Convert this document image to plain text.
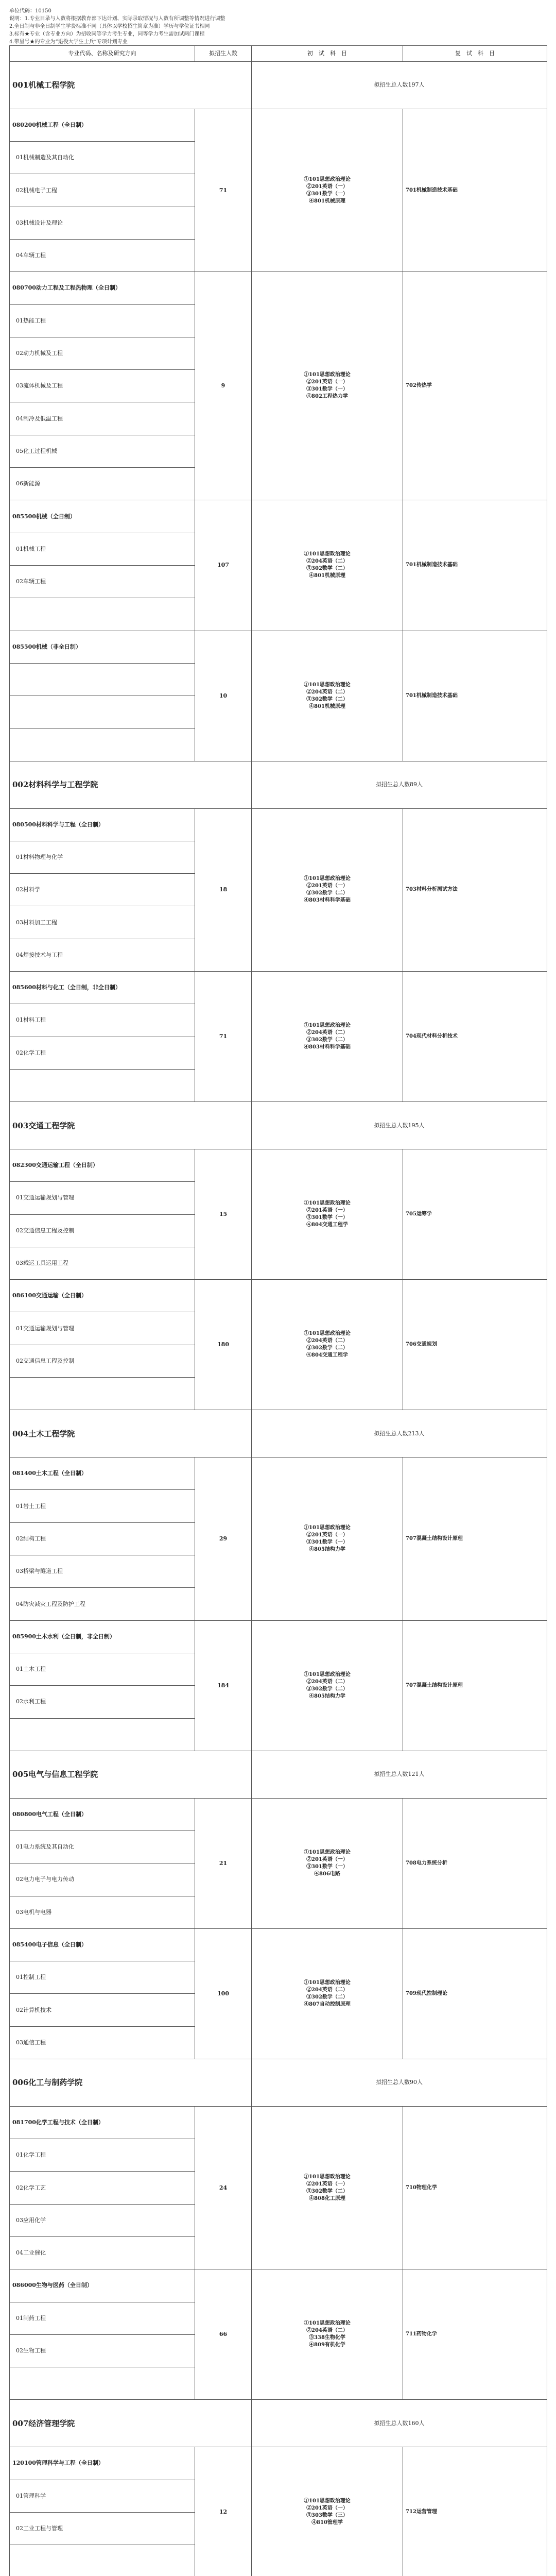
单位代码：10150
说明：1.专业目录与人数将根据教育部下达计划、实际录取情况与人数有所调整等情况进行调整
2.全日制与非全日制学生学费标准不同（具体以学校招生简章为准）学历与学位证书相同
3.标有★专业（含专业方向）为招收同等学力考生专业，同等学力考生需加试两门课程
4.带星号★的专业为“退役大学生士兵”专项计划专业
专业代码、名称及研究方向	拟招生人数	初　试　科　目	复　试　科　目
001机械工程学院		拟招生总人数197人	
080200机械工程（全日制）	71	①101思想政治理论
②201英语（一）
③301数学（一）
④801机械原理	701机械制造技术基础
01机械制造及其自动化			
02机械电子工程			
03机械设计及理论			
04车辆工程			
080700动力工程及工程热物理（全日制）	9	①101思想政治理论
②201英语（一）
③301数学（一）
④802工程热力学	702传热学
01热能工程			
02动力机械及工程			
03流体机械及工程			
04制冷及低温工程			
05化工过程机械			
06新能源			
085500机械（全日制）	107	①101思想政治理论
②204英语（二）
③302数学（二）
④801机械原理	701机械制造技术基础
01机械工程			
02车辆工程			

085500机械（非全日制）	10	①101思想政治理论
②204英语（二）
③302数学（二）
④801机械原理	701机械制造技术基础

002材料科学与工程学院		拟招生总人数89人	
080500材料科学与工程（全日制）	18	①101思想政治理论
②201英语（一）
③302数学（二）
④803材料科学基础	703材料分析测试方法
01材料物理与化学			
02材料学			
03材料加工工程			
04焊接技术与工程			
085600材料与化工（全日制，非全日制）	71	①101思想政治理论
②204英语（二）
③302数学（二）
④803材料科学基础	704现代材料分析技术
01材料工程			
02化学工程			

003交通工程学院		拟招生总人数195人	
082300交通运输工程（全日制）	15	①101思想政治理论
②201英语（一）
③301数学（一）
④804交通工程学	705运筹学
01交通运输规划与管理			
02交通信息工程及控制			
03载运工具运用工程			
086100交通运输（全日制）	180	①101思想政治理论
②204英语（二）
③302数学（二）
④804交通工程学	706交通规划
01交通运输规划与管理			
02交通信息工程及控制			

004土木工程学院		拟招生总人数213人	
081400土木工程（全日制）	29	①101思想政治理论
②201英语（一）
③301数学（一）
④805结构力学	707混凝土结构设计原理
01岩土工程			
02结构工程			
03桥梁与隧道工程			
04防灾减灾工程及防护工程			
085900土木水利（全日制，非全日制）	184	①101思想政治理论
②204英语（二）
③302数学（二）
④805结构力学	707混凝土结构设计原理
01土木工程			
02水利工程			

005电气与信息工程学院		拟招生总人数121人	
080800电气工程（全日制）	21	①101思想政治理论
②201英语（一）
③301数学（一）
④806电路	708电力系统分析
01电力系统及其自动化			
02电力电子与电力传动			
03电机与电器			
085400电子信息（全日制）	100	①101思想政治理论
②204英语（二）
③302数学（二）
④807自动控制原理	709现代控制理论
01控制工程			
02计算机技术			
03通信工程			
006化工与制药学院		拟招生总人数90人	
081700化学工程与技术（全日制）	24	①101思想政治理论
②201英语（一）
③302数学（二）
④808化工原理	710物理化学
01化学工程			
02化学工艺			
03应用化学			
04工业催化			
086000生物与医药（全日制）	66	①101思想政治理论
②204英语（二）
③338生物化学
④809有机化学	711药物化学
01制药工程			
02生物工程			

007经济管理学院		拟招生总人数160人	
120100管理科学与工程（全日制）	12	①101思想政治理论
②201英语（一）
③303数学（三）
④810管理学	712运营管理
01管理科学			
02工业工程与管理			
